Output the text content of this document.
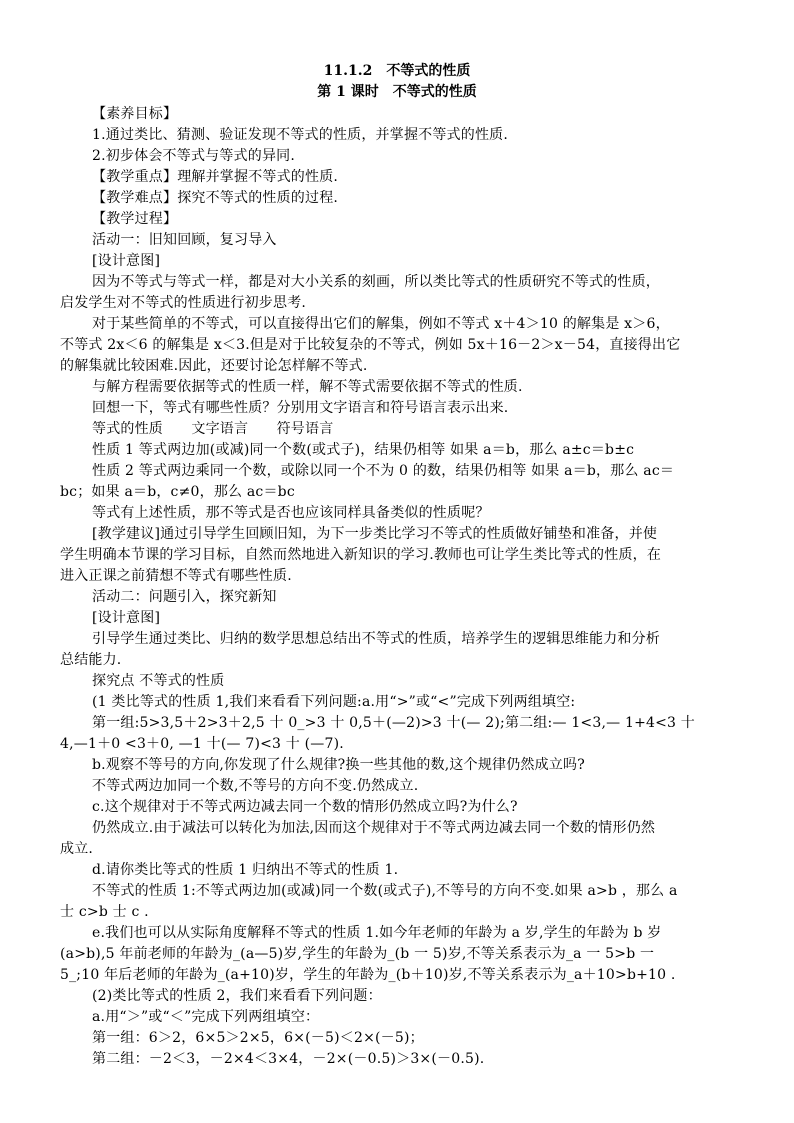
11.1.2　不等式的性质
第 1 课时　不等式的性质
【素养目标】
1.通过类比、猜测、验证发现不等式的性质，并掌握不等式的性质.
2.初步体会不等式与等式的异同.
【教学重点】理解并掌握不等式的性质.
【教学难点】探究不等式的性质的过程.
【教学过程】
活动一：旧知回顾，复习导入
[设计意图]
因为不等式与等式一样，都是对大小关系的刻画，所以类比等式的性质研究不等式的性质，
启发学生对不等式的性质进行初步思考.
对于某些简单的不等式，可以直接得出它们的解集，例如不等式 x＋4＞10 的解集是 x＞6，
不等式 2x＜6 的解集是 x＜3.但是对于比较复杂的不等式，例如 5x＋16－2＞x－54，直接得出它
的解集就比较困难.因此，还要讨论怎样解不等式.
与解方程需要依据等式的性质一样，解不等式需要依据不等式的性质.
回想一下，等式有哪些性质？分别用文字语言和符号语言表示出来.
等式的性质　　文字语言　　符号语言
性质 1 等式两边加(或减)同一个数(或式子)，结果仍相等 如果 a＝b，那么 a±c＝b±c
性质 2 等式两边乘同一个数，或除以同一个不为 0 的数，结果仍相等 如果 a＝b，那么 ac＝
bc；如果 a＝b，c≠0，那么 ac＝bc
等式有上述性质，那不等式是否也应该同样具备类似的性质呢？
[教学建议]通过引导学生回顾旧知，为下一步类比学习不等式的性质做好铺垫和准备，并使
学生明确本节课的学习目标，自然而然地进入新知识的学习.教师也可让学生类比等式的性质，在
进入正课之前猜想不等式有哪些性质.
活动二：问题引入，探究新知
[设计意图]
引导学生通过类比、归纳的数学思想总结出不等式的性质，培养学生的逻辑思维能力和分析
总结能力.
探究点 不等式的性质
(1 类比等式的性质 1,我们来看看下列问题:a.用“>”或“<”完成下列两组填空:
第一组:5>3,5＋2>3＋2,5 十 0_>3 十 0,5＋(—2)>3 十(— 2);第二组:— 1<3,— 1+4<3 十
4,—1＋0 <3＋0, —1 十(— 7)<3 十 (—7).
b.观察不等号的方向,你发现了什么规律?换一些其他的数,这个规律仍然成立吗?
不等式两边加同一个数,不等号的方向不变.仍然成立.
c.这个规律对于不等式两边减去同一个数的情形仍然成立吗?为什么?
仍然成立.由于减法可以转化为加法,因而这个规律对于不等式两边减去同一个数的情形仍然
成立.
d.请你类比等式的性质 1 归纳出不等式的性质 1.
不等式的性质 1:不等式两边加(或减)同一个数(或式子),不等号的方向不变.如果 a>b ，那么 a
士 c>b 士 c .
e.我们也可以从实际角度解释不等式的性质 1.如今年老师的年龄为 a 岁,学生的年龄为 b 岁
(a>b),5 年前老师的年龄为_(a—5)岁,学生的年龄为_(b 一 5)岁,不等关系表示为_a 一 5>b 一
5_;10 年后老师的年龄为_(a+10)岁，学生的年龄为_(b＋10)岁,不等关系表示为_a＋10>b+10 .
(2)类比等式的性质 2，我们来看看下列问题：
a.用“＞”或“＜”完成下列两组填空：
第一组：6＞2，6×5＞2×5，6×(－5)＜2×(－5)；
第二组：－2＜3，－2×4＜3×4，－2×(－0.5)＞3×(－0.5).
